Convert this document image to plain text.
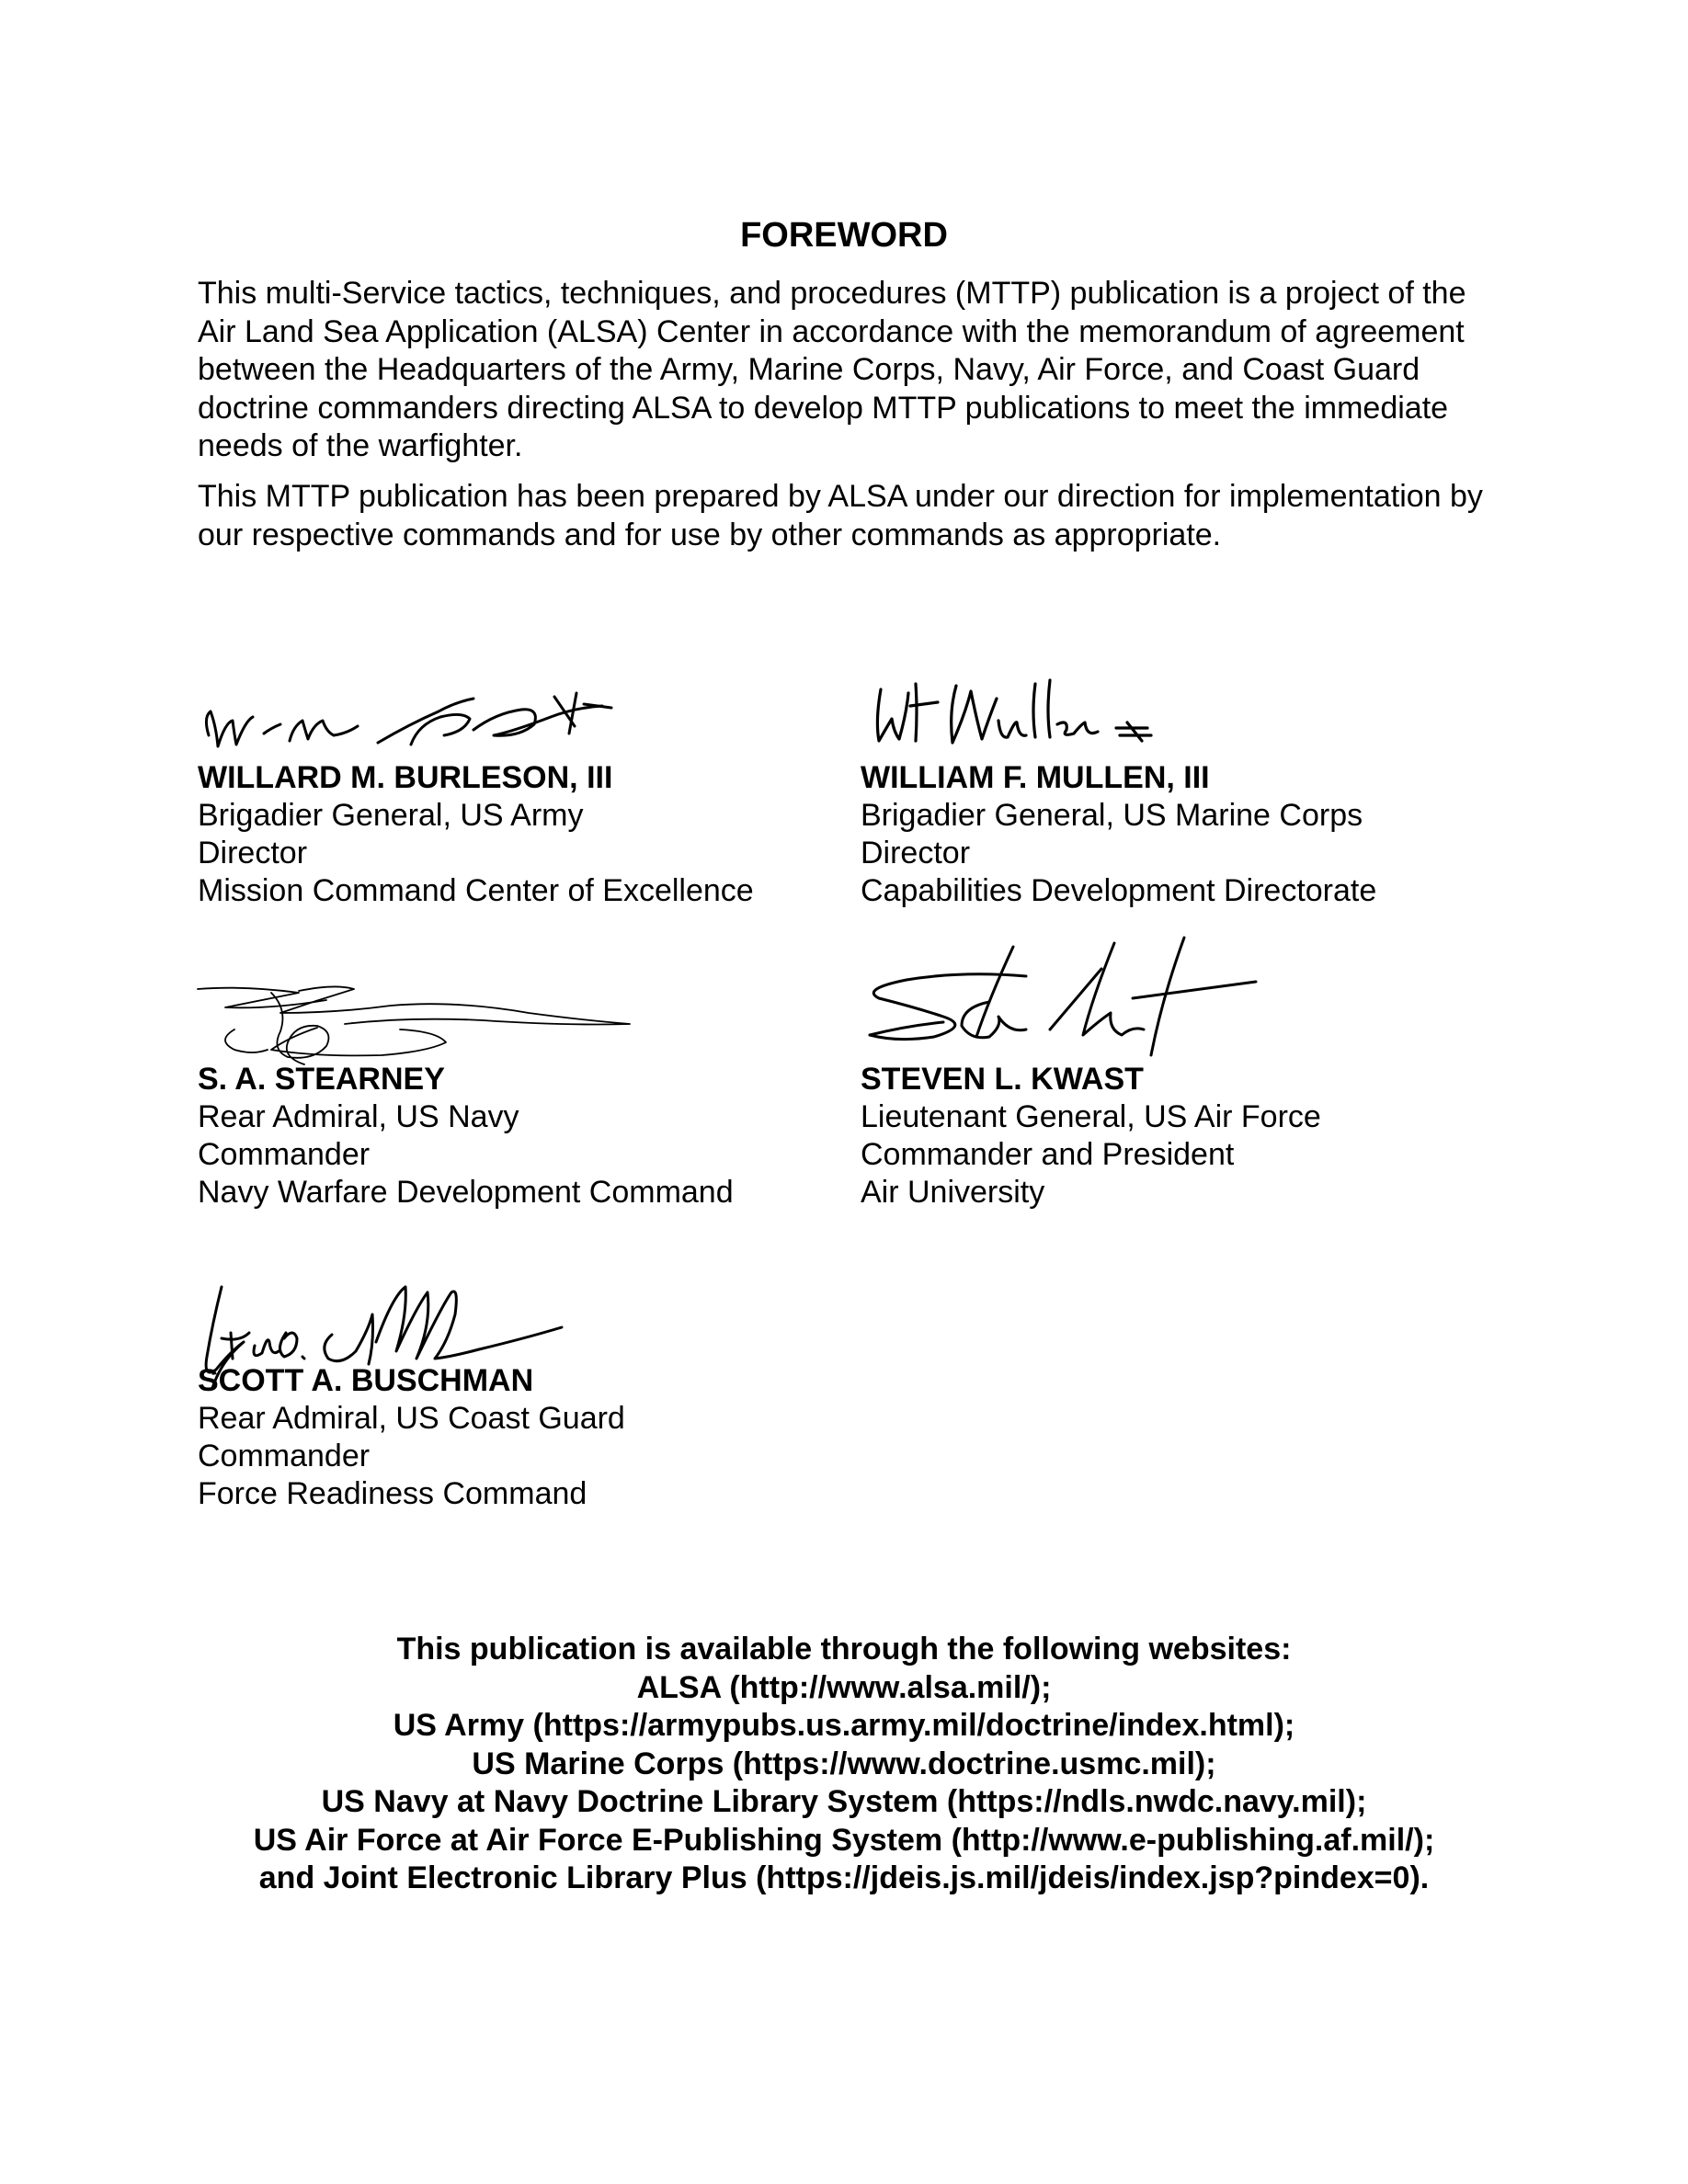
FOREWORD

This multi-Service tactics, techniques, and procedures (MTTP) publication is a project of the Air Land Sea Application (ALSA) Center in accordance with the memorandum of agreement between the Headquarters of the Army, Marine Corps, Navy, Air Force, and Coast Guard doctrine commanders directing ALSA to develop MTTP publications to meet the immediate needs of the warfighter.

This MTTP publication has been prepared by ALSA under our direction for implementation by our respective commands and for use by other commands as appropriate.

WILLARD M. BURLESON, III
Brigadier General, US Army
Director
Mission Command Center of Excellence
WILLIAM F. MULLEN, III
Brigadier General, US Marine Corps
Director
Capabilities Development Directorate
S. A. STEARNEY
Rear Admiral, US Navy
Commander
Navy Warfare Development Command
STEVEN L. KWAST
Lieutenant General, US Air Force
Commander and President
Air University
SCOTT A. BUSCHMAN
Rear Admiral, US Coast Guard
Commander
Force Readiness Command
This publication is available through the following websites:
ALSA (http://www.alsa.mil/);
US Army (https://armypubs.us.army.mil/doctrine/index.html);
US Marine Corps (https://www.doctrine.usmc.mil);
US Navy at Navy Doctrine Library System (https://ndls.nwdc.navy.mil);
US Air Force at Air Force E-Publishing System (http://www.e-publishing.af.mil/);
and Joint Electronic Library Plus (https://jdeis.js.mil/jdeis/index.jsp?pindex=0).
